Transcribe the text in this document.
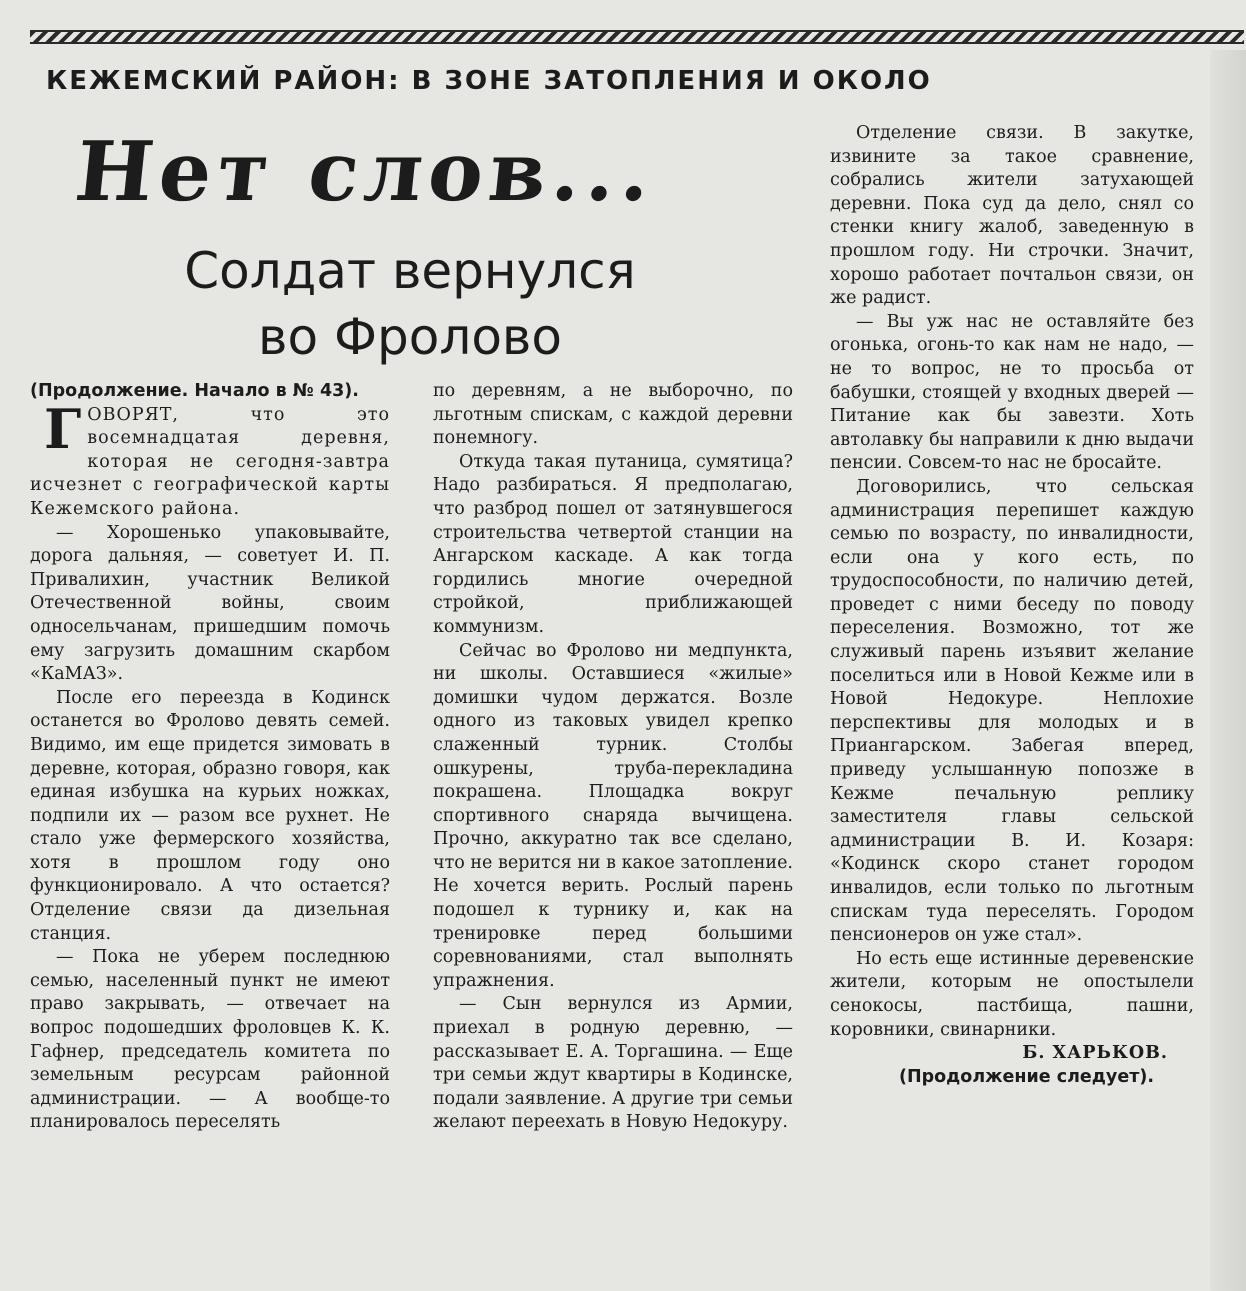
КЕЖЕМСКИЙ РАЙОН: В ЗОНЕ ЗАТОПЛЕНИЯ И ОКОЛО
Нет слов...
Солдат вернулся
во Фролово

(Продолжение. Начало в № 43).

ГОВОРЯТ, что это восемнадцатая деревня, которая не сегодня-завтра исчезнет с географической карты Кежемского района.

— Хорошенько упаковывайте, дорога дальняя, — советует И. П. Привалихин, участник Великой Отечественной войны, своим односельчанам, пришедшим помочь ему загрузить домашним скарбом «КаМАЗ».

После его переезда в Кодинск останется во Фролово девять семей. Видимо, им еще придется зимовать в деревне, которая, образно говоря, как единая избушка на курьих ножках, подпили их — разом все рухнет. Не стало уже фермерского хозяйства, хотя в прошлом году оно функционировало. А что остается? Отделение связи да дизельная станция.

— Пока не уберем последнюю семью, населенный пункт не имеют право закрывать, — отвечает на вопрос подошедших фроловцев К. К. Гафнер, председатель комитета по земельным ресурсам районной администрации. — А вообще-то планировалось переселять

по деревням, а не выборочно, по льготным спискам, с каждой деревни понемногу.

Откуда такая путаница, сумятица? Надо разбираться. Я предполагаю, что разброд пошел от затянувшегося строительства четвертой станции на Ангарском каскаде. А как тогда гордились многие очередной стройкой, приближающей коммунизм.

Сейчас во Фролово ни медпункта, ни школы. Оставшиеся «жилые» домишки чудом держатся. Возле одного из таковых увидел крепко слаженный турник. Столбы ошкурены, труба-перекладина покрашена. Площадка вокруг спортивного снаряда вычищена. Прочно, аккуратно так все сделано, что не верится ни в какое затопление. Не хочется верить. Рослый парень подошел к турнику и, как на тренировке перед большими соревнованиями, стал выполнять упражнения.

— Сын вернулся из Армии, приехал в родную деревню, — рассказывает Е. А. Торгашина. — Еще три семьи ждут квартиры в Кодинске, подали заявление. А другие три семьи желают переехать в Новую Недокуру.

Отделение связи. В закутке, извините за такое сравнение, собрались жители затухающей деревни. Пока суд да дело, снял со стенки книгу жалоб, заведенную в прошлом году. Ни строчки. Значит, хорошо работает почтальон связи, он же радист.

— Вы уж нас не оставляйте без огонька, огонь-то как нам не надо, — не то вопрос, не то просьба от бабушки, стоящей у входных дверей — Питание как бы завезти. Хоть автолавку бы направили к дню выдачи пенсии. Совсем-то нас не бросайте.

Договорились, что сельская администрация перепишет каждую семью по возрасту, по инвалидности, если она у кого есть, по трудоспособности, по наличию детей, проведет с ними беседу по поводу переселения. Возможно, тот же служивый парень изъявит желание поселиться или в Новой Кежме или в Новой Недокуре. Неплохие перспективы для молодых и в Приангарском. Забегая вперед, приведу услышанную попозже в Кежме печальную реплику заместителя главы сельской администрации В. И. Козаря: «Кодинск скоро станет городом инвалидов, если только по льготным спискам туда переселять. Городом пенсионеров он уже стал».

Но есть еще истинные деревенские жители, которым не опостылели сенокосы, пастбища, пашни, коровники, свинарники.

Б. ХАРЬКОВ.

(Продолжение следует).
